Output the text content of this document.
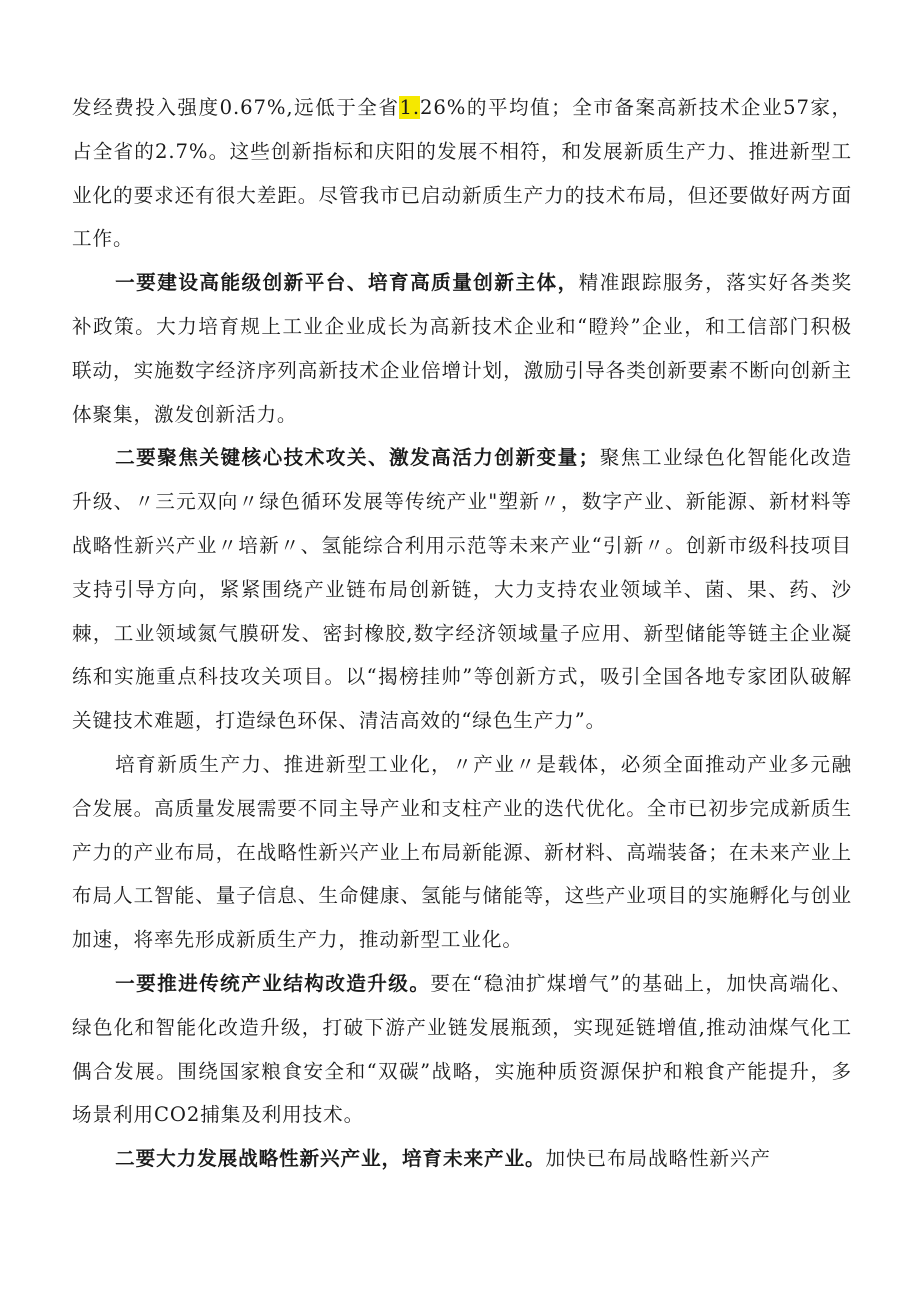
发经费投入强度0.67%,远低于全省1.26%的平均值；全市备案高新技术企业57家，占全省的2.7%。这些创新指标和庆阳的发展不相符，和发展新质生产力、推进新型工业化的要求还有很大差距。尽管我市已启动新质生产力的技术布局，但还要做好两方面工作。

一要建设高能级创新平台、培育高质量创新主体，精准跟踪服务，落实好各类奖补政策。大力培育规上工业企业成长为高新技术企业和“瞪羚”企业，和工信部门积极联动，实施数字经济序列高新技术企业倍增计划，激励引导各类创新要素不断向创新主体聚集，激发创新活力。

二要聚焦关键核心技术攻关、激发高活力创新变量；聚焦工业绿色化智能化改造升级、〃三元双向〃绿色循环发展等传统产业"塑新〃，数字产业、新能源、新材料等战略性新兴产业〃培新〃、氢能综合利用示范等未来产业“引新〃。创新市级科技项目支持引导方向，紧紧围绕产业链布局创新链，大力支持农业领域羊、菌、果、药、沙棘，工业领域氮气膜研发、密封橡胶,数字经济领域量子应用、新型储能等链主企业凝练和实施重点科技攻关项目。以“揭榜挂帅”等创新方式，吸引全国各地专家团队破解关键技术难题，打造绿色环保、清洁高效的“绿色生产力”。

培育新质生产力、推进新型工业化，〃产业〃是载体，必须全面推动产业多元融合发展。高质量发展需要不同主导产业和支柱产业的迭代优化。全市已初步完成新质生产力的产业布局，在战略性新兴产业上布局新能源、新材料、高端装备；在未来产业上布局人工智能、量子信息、生命健康、氢能与储能等，这些产业项目的实施孵化与创业加速，将率先形成新质生产力，推动新型工业化。

一要推进传统产业结构改造升级。要在“稳油扩煤增气”的基础上，加快高端化、绿色化和智能化改造升级，打破下游产业链发展瓶颈，实现延链增值,推动油煤气化工偶合发展。围绕国家粮食安全和“双碳”战略，实施种质资源保护和粮食产能提升，多场景利用CO2捕集及利用技术。

二要大力发展战略性新兴产业，培育未来产业。加快已布局战略性新兴产
